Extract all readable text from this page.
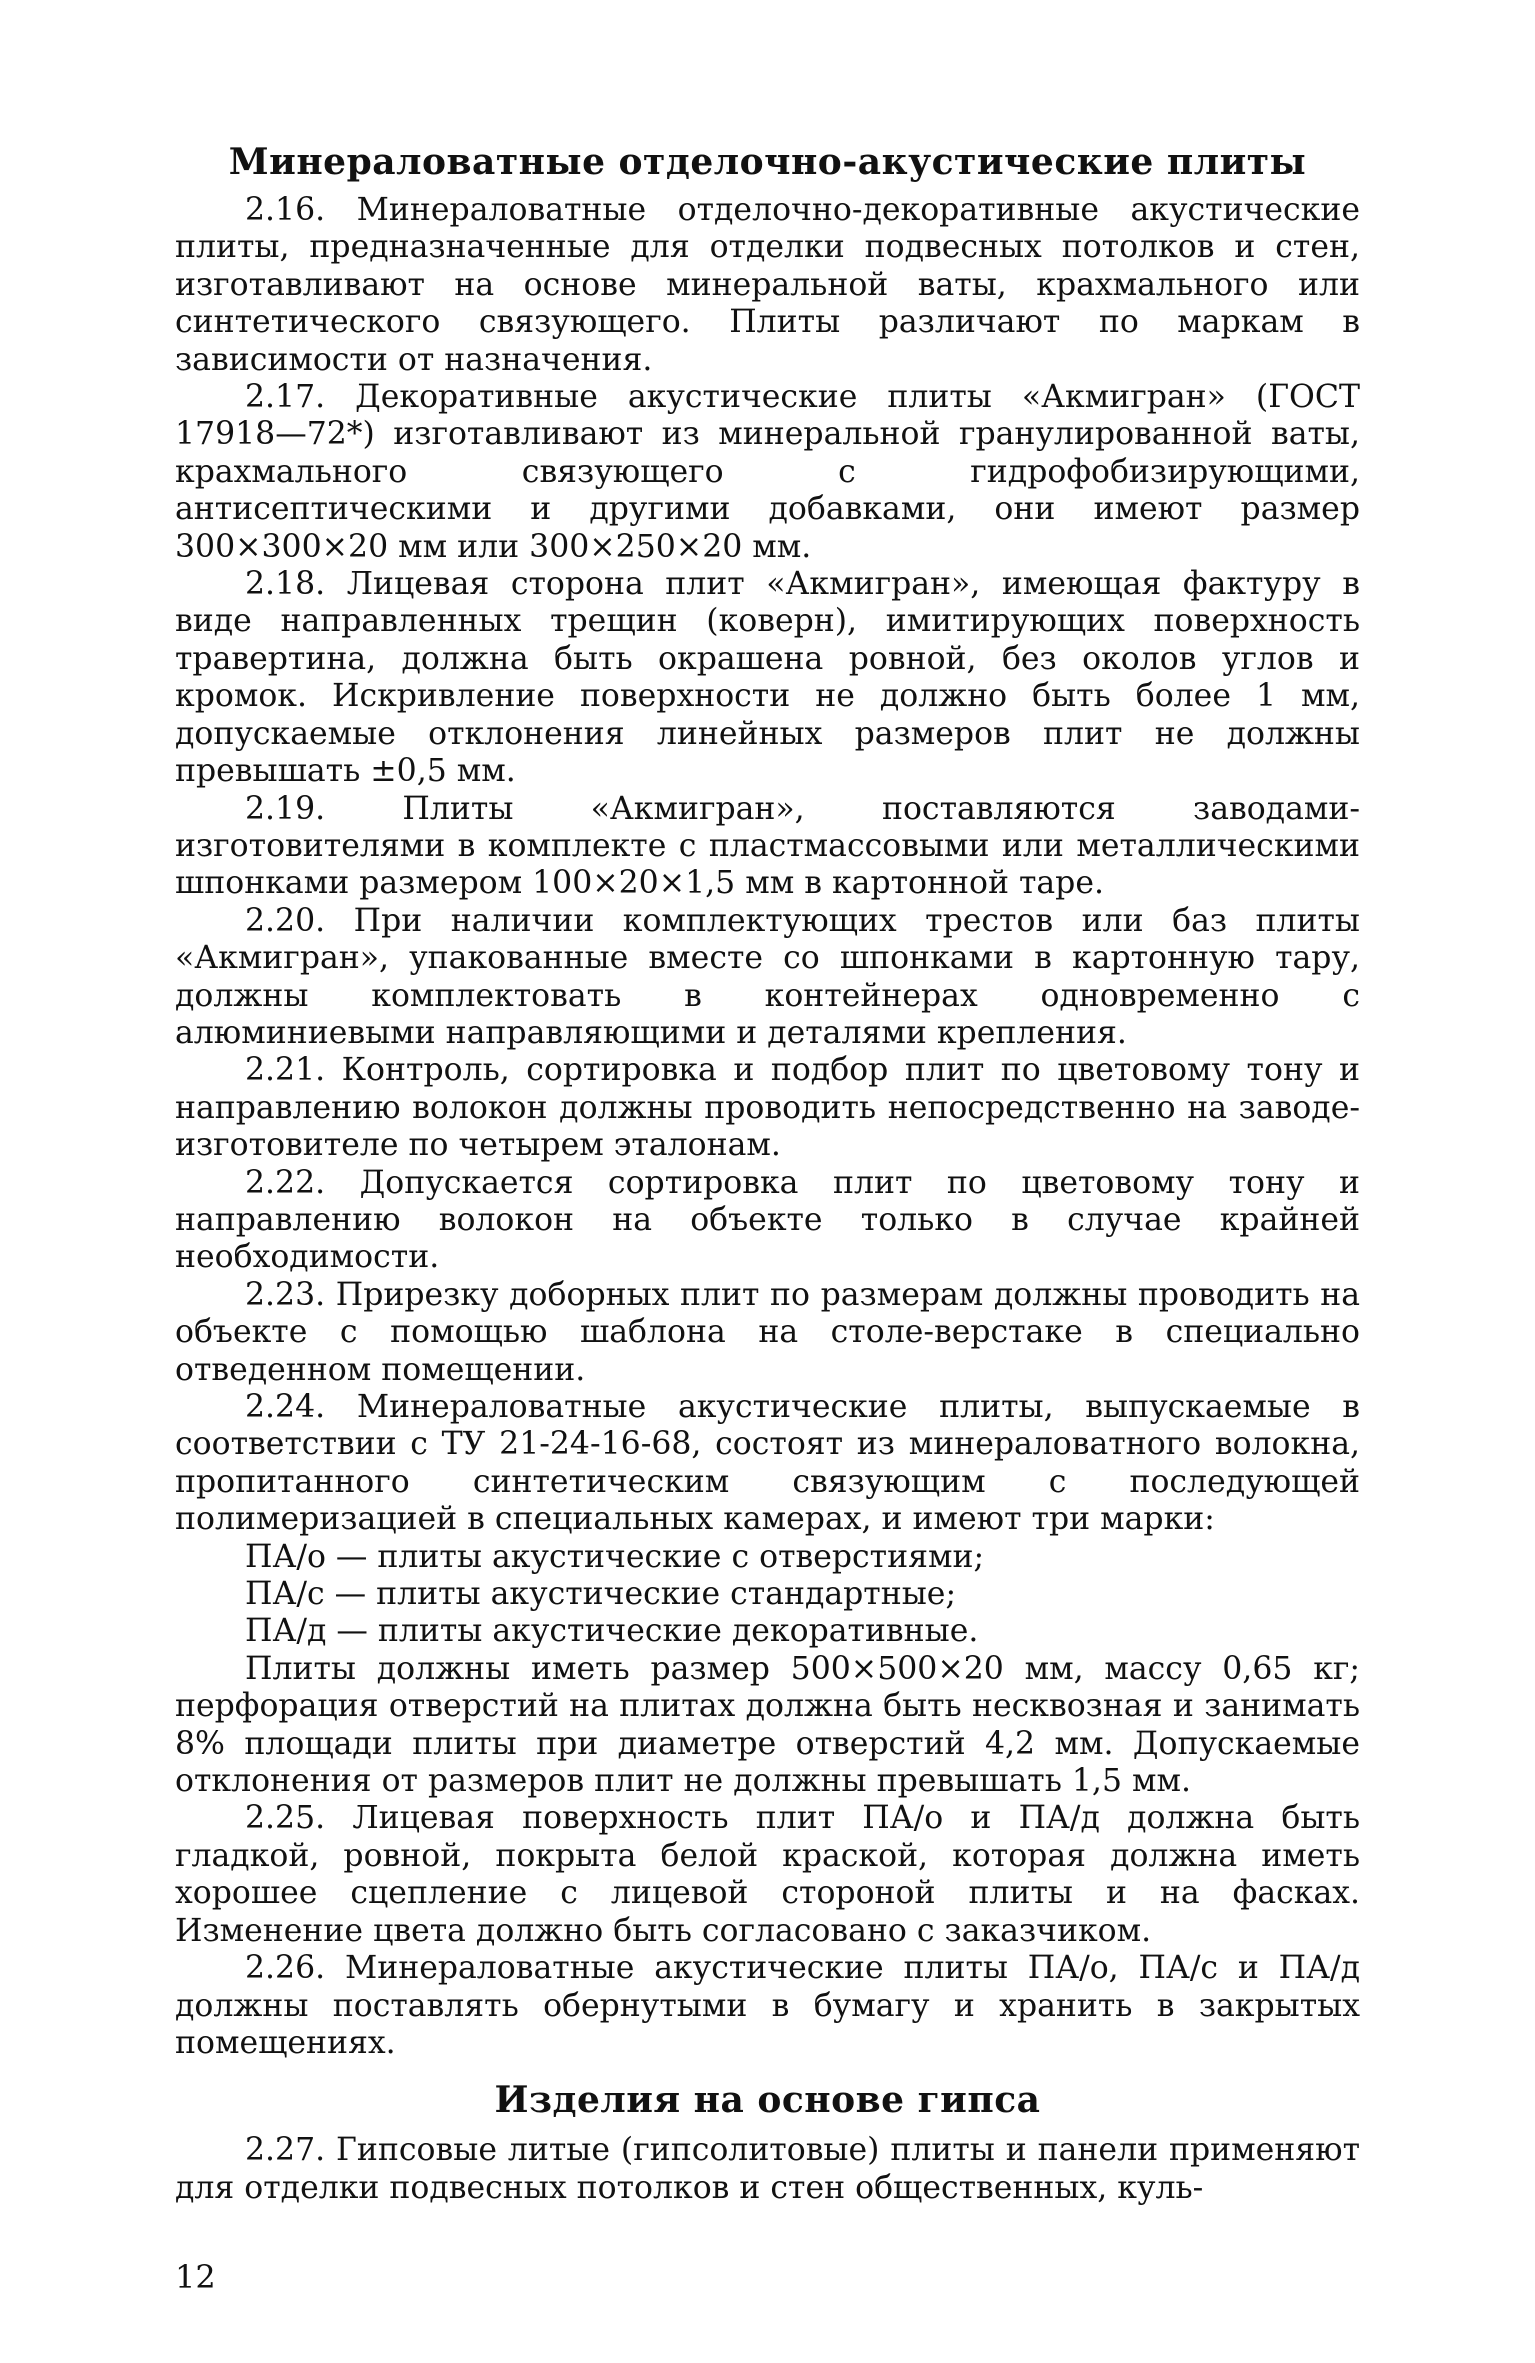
Минераловатные отделочно-акустические плиты

2.16. Минераловатные отделочно-декоративные акустические плиты, предназначенные для отделки подвесных потолков и стен, изготавливают на основе минеральной ваты, крахмального или синтетического связующего. Плиты различают по маркам в зависимости от назначения.

2.17. Декоративные акустические плиты «Акмигран» (ГОСТ 17918—72*) изготавливают из минеральной гранулированной ваты, крахмального связующего с гидрофобизирующими, антисептическими и другими добавками, они имеют размер 300×300×20 мм или 300×250×20 мм.

2.18. Лицевая сторона плит «Акмигран», имеющая фактуру в виде направленных трещин (коверн), имитирующих поверхность травертина, должна быть окрашена ровной, без околов углов и кромок. Искривление поверхности не должно быть более 1 мм, допускаемые отклонения линейных размеров плит не должны превышать ±0,5 мм.

2.19. Плиты «Акмигран», поставляются заводами-изготовителями в комплекте с пластмассовыми или металлическими шпонками размером 100×20×1,5 мм в картонной таре.

2.20. При наличии комплектующих трестов или баз плиты «Акмигран», упакованные вместе со шпонками в картонную тару, должны комплектовать в контейнерах одновременно с алюминиевыми направляющими и деталями крепления.

2.21. Контроль, сортировка и подбор плит по цветовому тону и направлению волокон должны проводить непосредственно на заводе-изготовителе по четырем эталонам.

2.22. Допускается сортировка плит по цветовому тону и направлению волокон на объекте только в случае крайней необходимости.

2.23. Прирезку доборных плит по размерам должны проводить на объекте с помощью шаблона на столе-верстаке в специально отведенном помещении.

2.24. Минераловатные акустические плиты, выпускаемые в соответствии с ТУ 21-24-16-68, состоят из минераловатного волокна, пропитанного синтетическим связующим с последующей полимеризацией в специальных камерах, и имеют три марки:

ПА/о — плиты акустические с отверстиями;

ПА/с — плиты акустические стандартные;

ПА/д — плиты акустические декоративные.

Плиты должны иметь размер 500×500×20 мм, массу 0,65 кг; перфорация отверстий на плитах должна быть несквозная и занимать 8% площади плиты при диаметре отверстий 4,2 мм. Допускаемые отклонения от размеров плит не должны превышать 1,5 мм.

2.25. Лицевая поверхность плит ПА/о и ПА/д должна быть гладкой, ровной, покрыта белой краской, которая должна иметь хорошее сцепление с лицевой стороной плиты и на фасках. Изменение цвета должно быть согласовано с заказчиком.

2.26. Минераловатные акустические плиты ПА/о, ПА/с и ПА/д должны поставлять обернутыми в бумагу и хранить в закрытых помещениях.

Изделия на основе гипса

2.27. Гипсовые литые (гипсолитовые) плиты и панели применяют для отделки подвесных потолков и стен общественных, куль-

12
